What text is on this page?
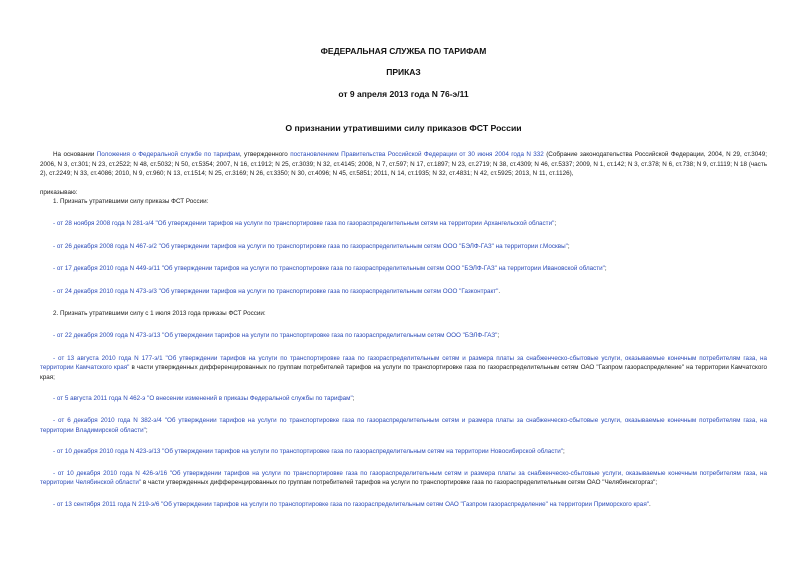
ФЕДЕРАЛЬНАЯ СЛУЖБА ПО ТАРИФАМ
ПРИКАЗ
от 9 апреля 2013 года N 76-э/11
О признании утратившими силу приказов ФСТ России

На основании Положения о Федеральной службе по тарифам, утвержденного постановлением Правительства Российской Федерации от 30 июня 2004 года N 332 (Собрание законодательства Российской Федерации, 2004, N 29, ст.3049; 2006, N 3, ст.301; N 23, ст.2522; N 48, ст.5032; N 50, ст.5354; 2007, N 16, ст.1912; N 25, ст.3039; N 32, ст.4145; 2008, N 7, ст.597; N 17, ст.1897; N 23, ст.2719; N 38, ст.4309; N 46, ст.5337; 2009, N 1, ст.142; N 3, ст.378; N 6, ст.738; N 9, ст.1119; N 18 (часть 2), ст.2249; N 33, ст.4086; 2010, N 9, ст.960; N 13, ст.1514; N 25, ст.3169; N 26, ст.3350; N 30, ст.4096; N 45, ст.5851; 2011, N 14, ст.1935; N 32, ст.4831; N 42, ст.5925; 2013, N 11, ст.1126),

приказываю:

1. Признать утратившими силу приказы ФСТ России:

- от 28 ноября 2008 года N 281-э/4 "Об утверждении тарифов на услуги по транспортировке газа по газораспределительным сетям на территории Архангельской области";

- от 26 декабря 2008 года N 467-э/2 "Об утверждении тарифов на услуги по транспортировке газа по газораспределительным сетям ООО "БЭЛФ-ГАЗ" на территории г.Москвы";

- от 17 декабря 2010 года N 449-э/11 "Об утверждении тарифов на услуги по транспортировке газа по газораспределительным сетям ООО "БЭЛФ-ГАЗ" на территории Ивановской области";

- от 24 декабря 2010 года N 473-э/3 "Об утверждении тарифов на услуги по транспортировке газа по газораспределительным сетям ООО "Газконтракт".

2. Признать утратившими силу с 1 июля 2013 года приказы ФСТ России:

- от 22 декабря 2009 года N 473-э/13 "Об утверждении тарифов на услуги по транспортировке газа по газораспределительным сетям ООО "БЭЛФ-ГАЗ";

- от 13 августа 2010 года N 177-э/1 "Об утверждении тарифов на услуги по транспортировке газа по газораспределительным сетям и размера платы за снабженческо-сбытовые услуги, оказываемые конечным потребителям газа, на территории Камчатского края" в части утвержденных дифференцированных по группам потребителей тарифов на услуги по транспортировке газа по газораспределительным сетям ОАО "Газпром газораспределение" на территории Камчатского края;

- от 5 августа 2011 года N 462-э "О внесении изменений в приказы Федеральной службы по тарифам";

- от 6 декабря 2010 года N 382-э/4 "Об утверждении тарифов на услуги по транспортировке газа по газораспределительным сетям и размера платы за снабженческо-сбытовые услуги, оказываемые конечным потребителям газа, на территории Владимирской области";

- от 10 декабря 2010 года N 423-э/13 "Об утверждении тарифов на услуги по транспортировке газа по газораспределительным сетям на территории Новосибирской области";

- от 10 декабря 2010 года N 426-э/16 "Об утверждении тарифов на услуги по транспортировке газа по газораспределительным сетям и размера платы за снабженческо-сбытовые услуги, оказываемые конечным потребителям газа, на территории Челябинской области" в части утвержденных дифференцированных по группам потребителей тарифов на услуги по транспортировке газа по газораспределительным сетям ОАО "Челябинскгоргаз";

- от 13 сентября 2011 года N 219-э/6 "Об утверждении тарифов на услуги по транспортировке газа по газораспределительным сетям ОАО "Газпром газораспределение" на территории Приморского края".
